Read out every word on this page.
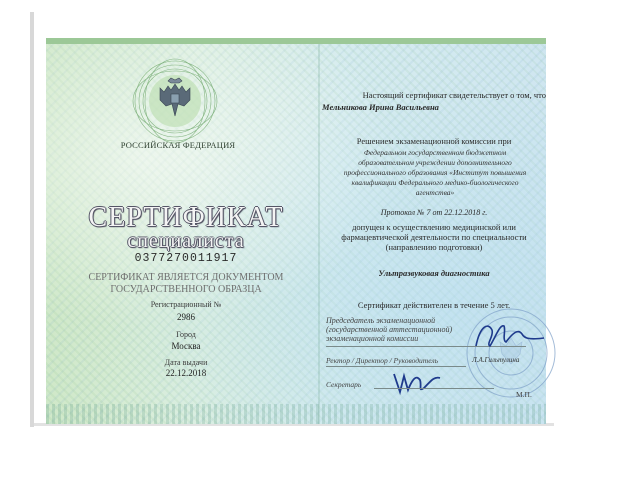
РОССИЙСКАЯ ФЕДЕРАЦИЯ
СЕРТИФИКАТ
специалиста
0377270011917
СЕРТИФИКАТ ЯВЛЯЕТСЯ ДОКУМЕНТОМ
ГОСУДАРСТВЕННОГО ОБРАЗЦА
Регистрационный №
2986
Город
Москва
Дата выдачи
22.12.2018
Настоящий сертификат свидетельствует о том, что
Мельникова Ирина Васильевна
Решением экзаменационной комиссии при
Федеральном государственном бюджетном
образовательном учреждении дополнительного
профессионального образования «Институт повышения
квалификации Федерального медико-биологического
агентства»
Протокол № 7 от 22.12.2018 г.
допущен к осуществлению медицинской или
фармацевтической деятельности по специальности
(направлению подготовки)
Ультразвуковая диагностика
Сертификат действителен в течение 5 лет.
Председатель экзаменационной
(государственной аттестационной)
экзаменационной комиссии
Л.А.Гильтулина
Ректор / Директор / Руководитель
Секретарь
М.П.
